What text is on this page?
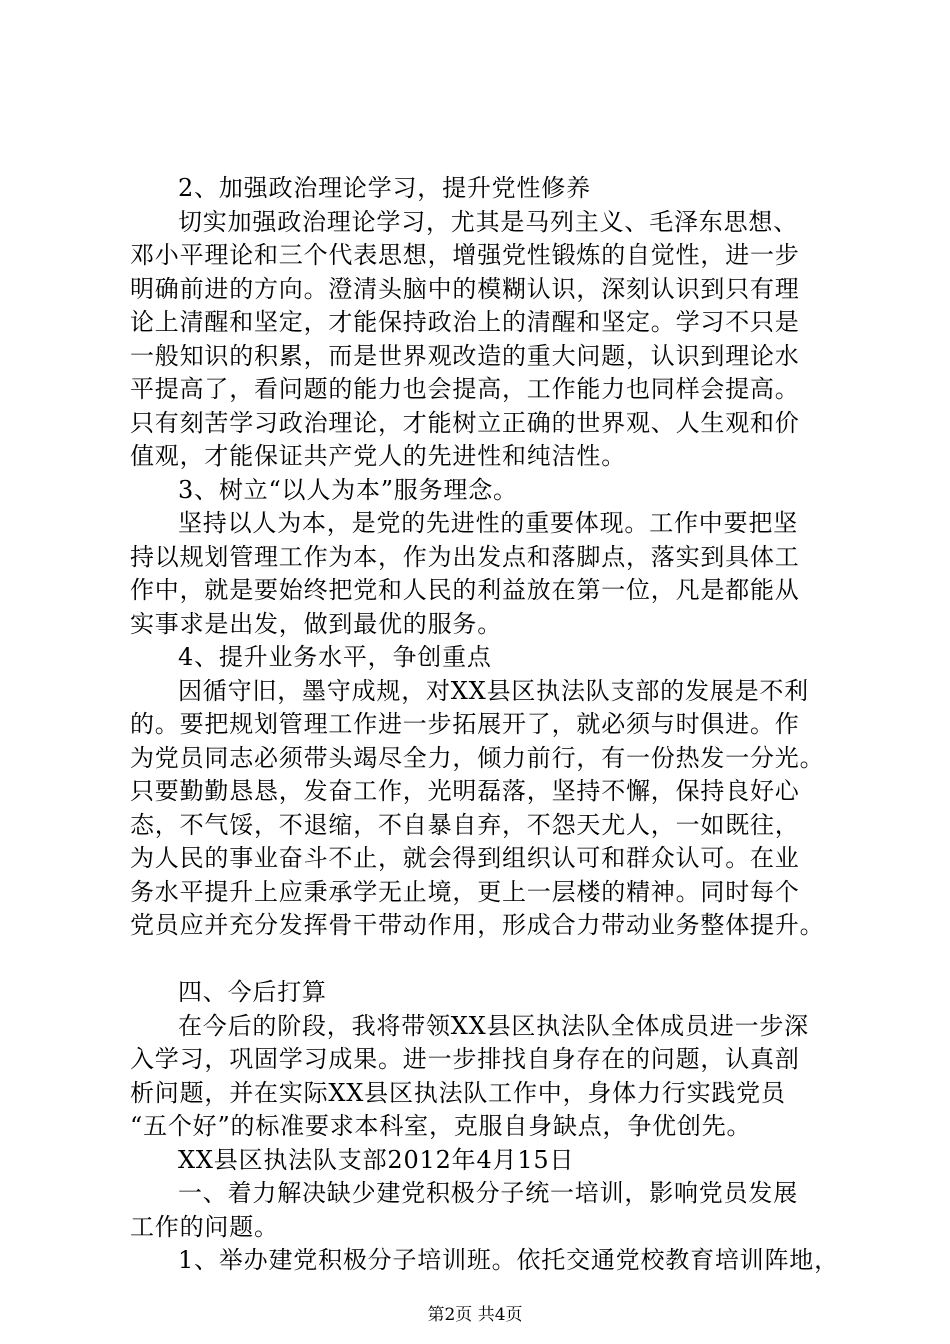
2、加强政治理论学习，提升党性修养
切实加强政治理论学习，尤其是马列主义、毛泽东思想、
邓小平理论和三个代表思想，增强党性锻炼的自觉性，进一步
明确前进的方向。澄清头脑中的模糊认识，深刻认识到只有理
论上清醒和坚定，才能保持政治上的清醒和坚定。学习不只是
一般知识的积累，而是世界观改造的重大问题，认识到理论水
平提高了，看问题的能力也会提高，工作能力也同样会提高。
只有刻苦学习政治理论，才能树立正确的世界观、人生观和价
值观，才能保证共产党人的先进性和纯洁性。
3、树立“以人为本”服务理念。
坚持以人为本，是党的先进性的重要体现。工作中要把坚
持以规划管理工作为本，作为出发点和落脚点，落实到具体工
作中，就是要始终把党和人民的利益放在第一位，凡是都能从
实事求是出发，做到最优的服务。
4、提升业务水平，争创重点
因循守旧，墨守成规，对XX县区执法队支部的发展是不利
的。要把规划管理工作进一步拓展开了，就必须与时俱进。作
为党员同志必须带头竭尽全力，倾力前行，有一份热发一分光。
只要勤勤恳恳，发奋工作，光明磊落，坚持不懈，保持良好心
态，不气馁，不退缩，不自暴自弃，不怨天尤人，一如既往，
为人民的事业奋斗不止，就会得到组织认可和群众认可。在业
务水平提升上应秉承学无止境，更上一层楼的精神。同时每个
党员应并充分发挥骨干带动作用，形成合力带动业务整体提升。
四、今后打算
在今后的阶段，我将带领XX县区执法队全体成员进一步深
入学习，巩固学习成果。进一步排找自身存在的问题，认真剖
析问题，并在实际XX县区执法队工作中，身体力行实践党员
“五个好”的标准要求本科室，克服自身缺点，争优创先。
XX县区执法队支部2012年4月15日
一、着力解决缺少建党积极分子统一培训，影响党员发展
工作的问题。
1、举办建党积极分子培训班。依托交通党校教育培训阵地，
第2页 共4页
